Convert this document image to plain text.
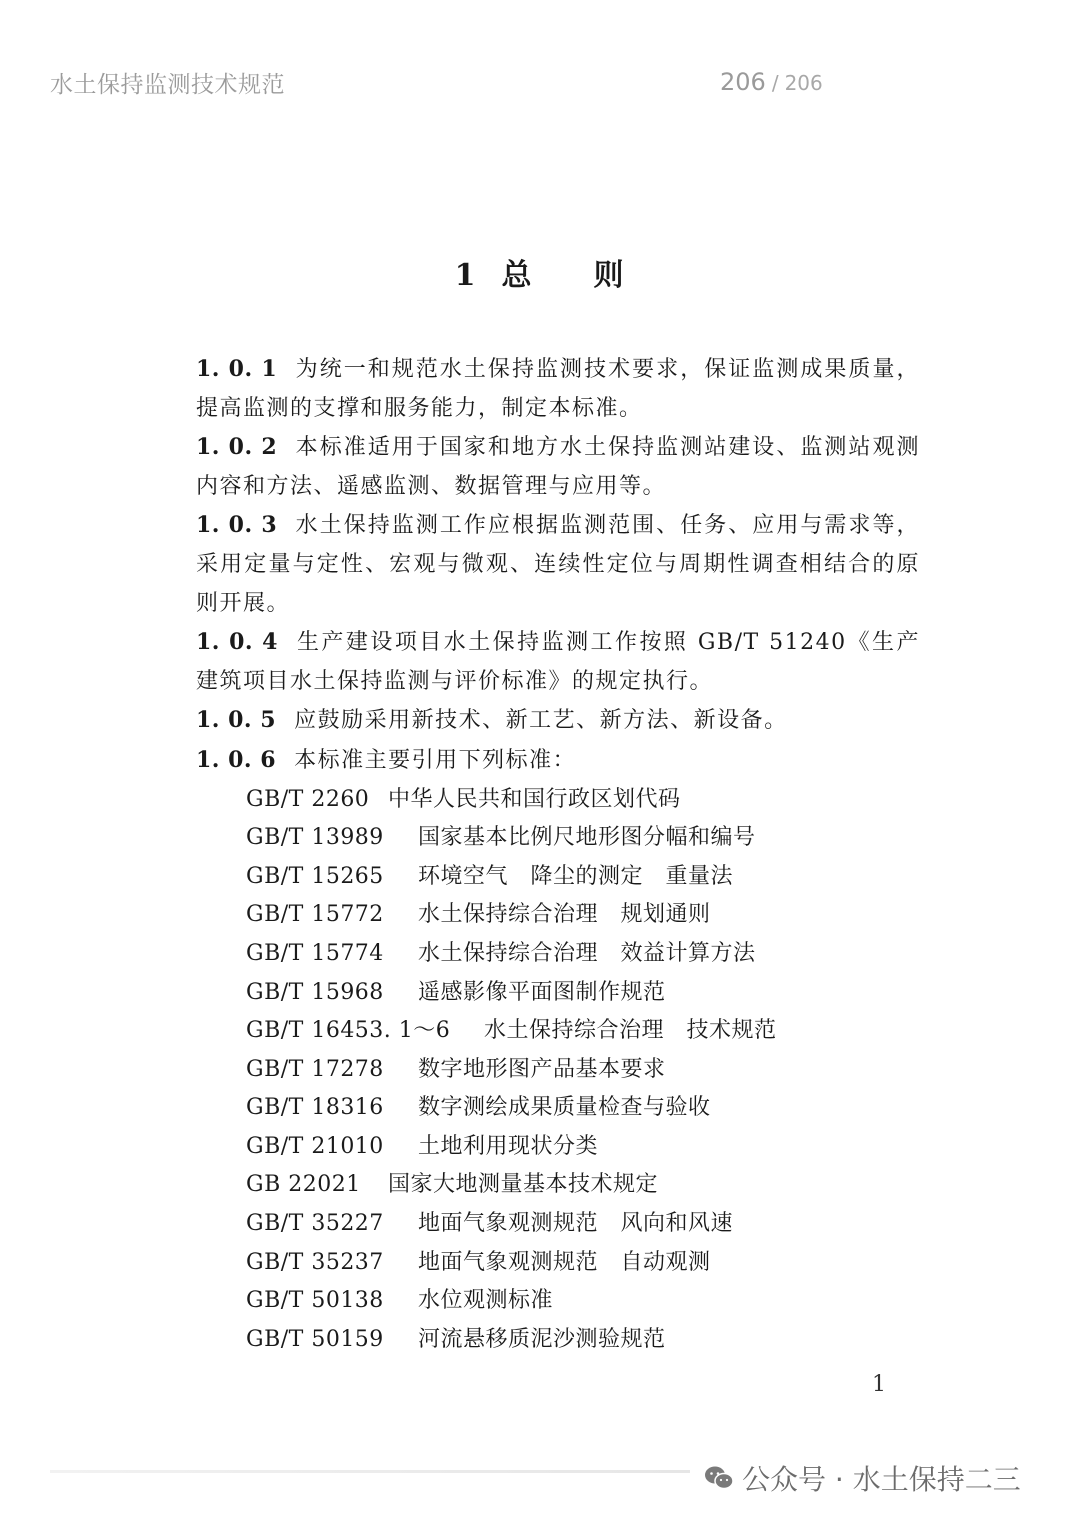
水土保持监测技术规范	206 / 206
1 总 则

1. 0. 1 为统一和规范水土保持监测技术要求，保证监测成果质量，提高监测的支撑和服务能力，制定本标准。

1. 0. 2 本标准适用于国家和地方水土保持监测站建设、监测站观测内容和方法、遥感监测、数据管理与应用等。

1. 0. 3 水土保持监测工作应根据监测范围、任务、应用与需求等，采用定量与定性、宏观与微观、连续性定位与周期性调查相结合的原则开展。

1. 0. 4 生产建设项目水土保持监测工作按照 GB/T 51240《生产建筑项目水土保持监测与评价标准》的规定执行。

1. 0. 5 应鼓励采用新技术、新工艺、新方法、新设备。

1. 0. 6 本标准主要引用下列标准：

GB/T 2260 中华人民共和国行政区划代码
GB/T 13989 国家基本比例尺地形图分幅和编号
GB/T 15265 环境空气　降尘的测定　重量法
GB/T 15772 水土保持综合治理　规划通则
GB/T 15774 水土保持综合治理　效益计算方法
GB/T 15968 遥感影像平面图制作规范
GB/T 16453. 1～6 水土保持综合治理　技术规范
GB/T 17278 数字地形图产品基本要求
GB/T 18316 数字测绘成果质量检查与验收
GB/T 21010 土地利用现状分类
GB 22021 国家大地测量基本技术规定
GB/T 35227 地面气象观测规范　风向和风速
GB/T 35237 地面气象观测规范　自动观测
GB/T 50138 水位观测标准
GB/T 50159 河流悬移质泥沙测验规范
1
公众号 · 水土保持二三
